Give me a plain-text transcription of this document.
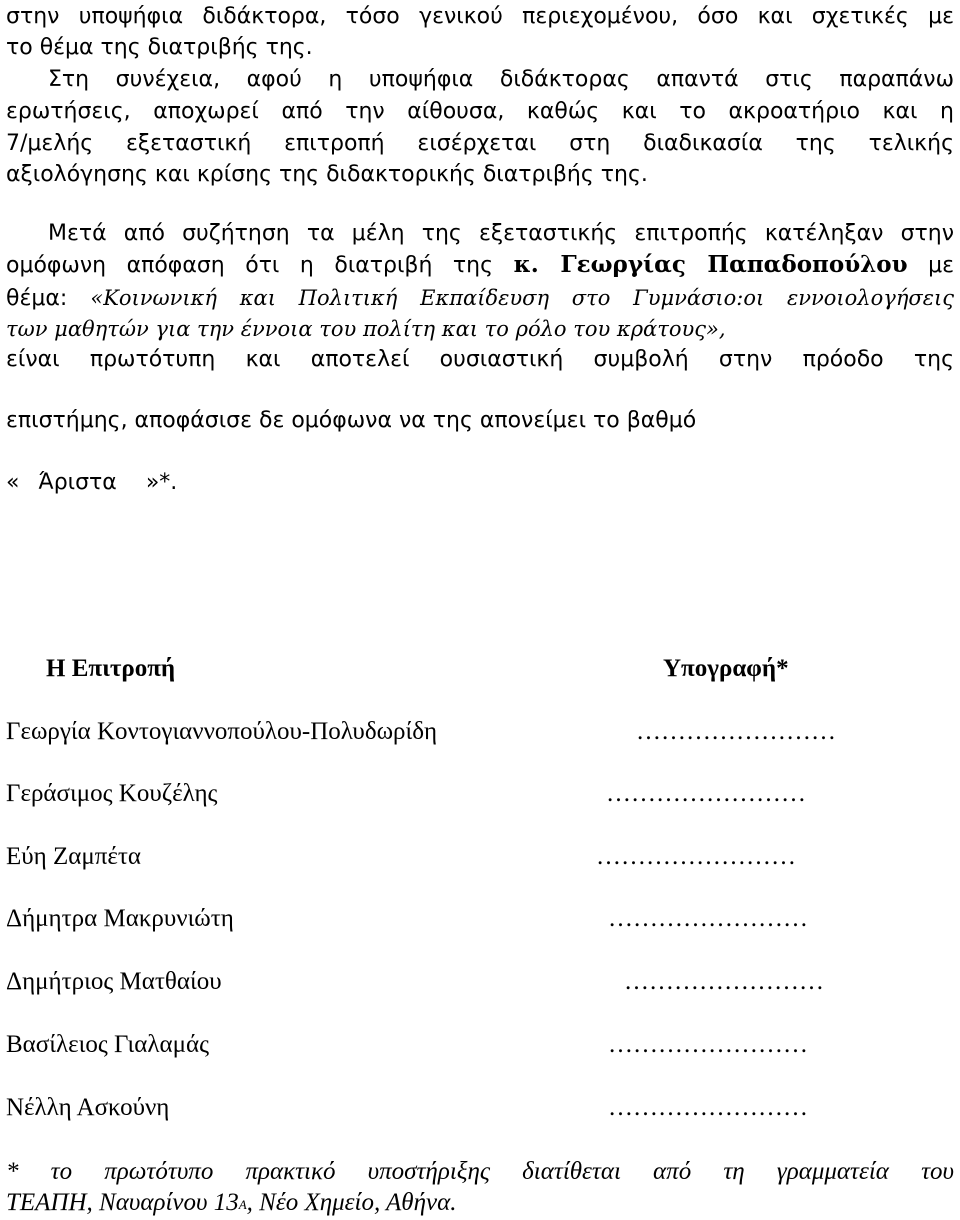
στην υποψήφια διδάκτορα, τόσο γενικού περιεχομένου, όσο και σχετικές με
το θέμα της διατριβής της.
Στη συνέχεια, αφού η υποψήφια διδάκτορας απαντά στις παραπάνω
ερωτήσεις, αποχωρεί από την αίθουσα, καθώς και το ακροατήριο και η
7/μελής εξεταστική επιτροπή εισέρχεται στη διαδικασία της τελικής
αξιολόγησης και κρίσης της διδακτορικής διατριβής της.
Μετά από συζήτηση τα μέλη της εξεταστικής επιτροπής κατέληξαν στην
ομόφωνη απόφαση ότι η διατριβή της κ. Γεωργίας Παπαδοπούλου με
θέμα: «Κοινωνική και Πολιτική Εκπαίδευση στο Γυμνάσιο:οι εννοιολογήσεις
των μαθητών για την έννοια του πολίτη και το ρόλο του κράτους»,
είναι πρωτότυπη και αποτελεί ουσιαστική συμβολή στην πρόοδο της
επιστήμης, αποφάσισε δε ομόφωνα να της απονείμει το βαθμό
« Άριστα »*.
Η Επιτροπή	Υπογραφή*
Γεωργία Κοντογιαννοπούλου-Πολυδωρίδη	……………………
Γεράσιμος Κουζέλης	……………………
Εύη Ζαμπέτα	……………………
Δήμητρα Μακρυνιώτη	……………………
Δημήτριος Ματθαίου	……………………
Βασίλειος Γιαλαμάς	……………………
Νέλλη Ασκούνη	……………………
* το πρωτότυπο πρακτικό υποστήριξης διατίθεται από τη γραμματεία του
ΤΕΑΠΗ, Ναυαρίνου $13^A$, Νέο Χημείο, Αθήνα.
